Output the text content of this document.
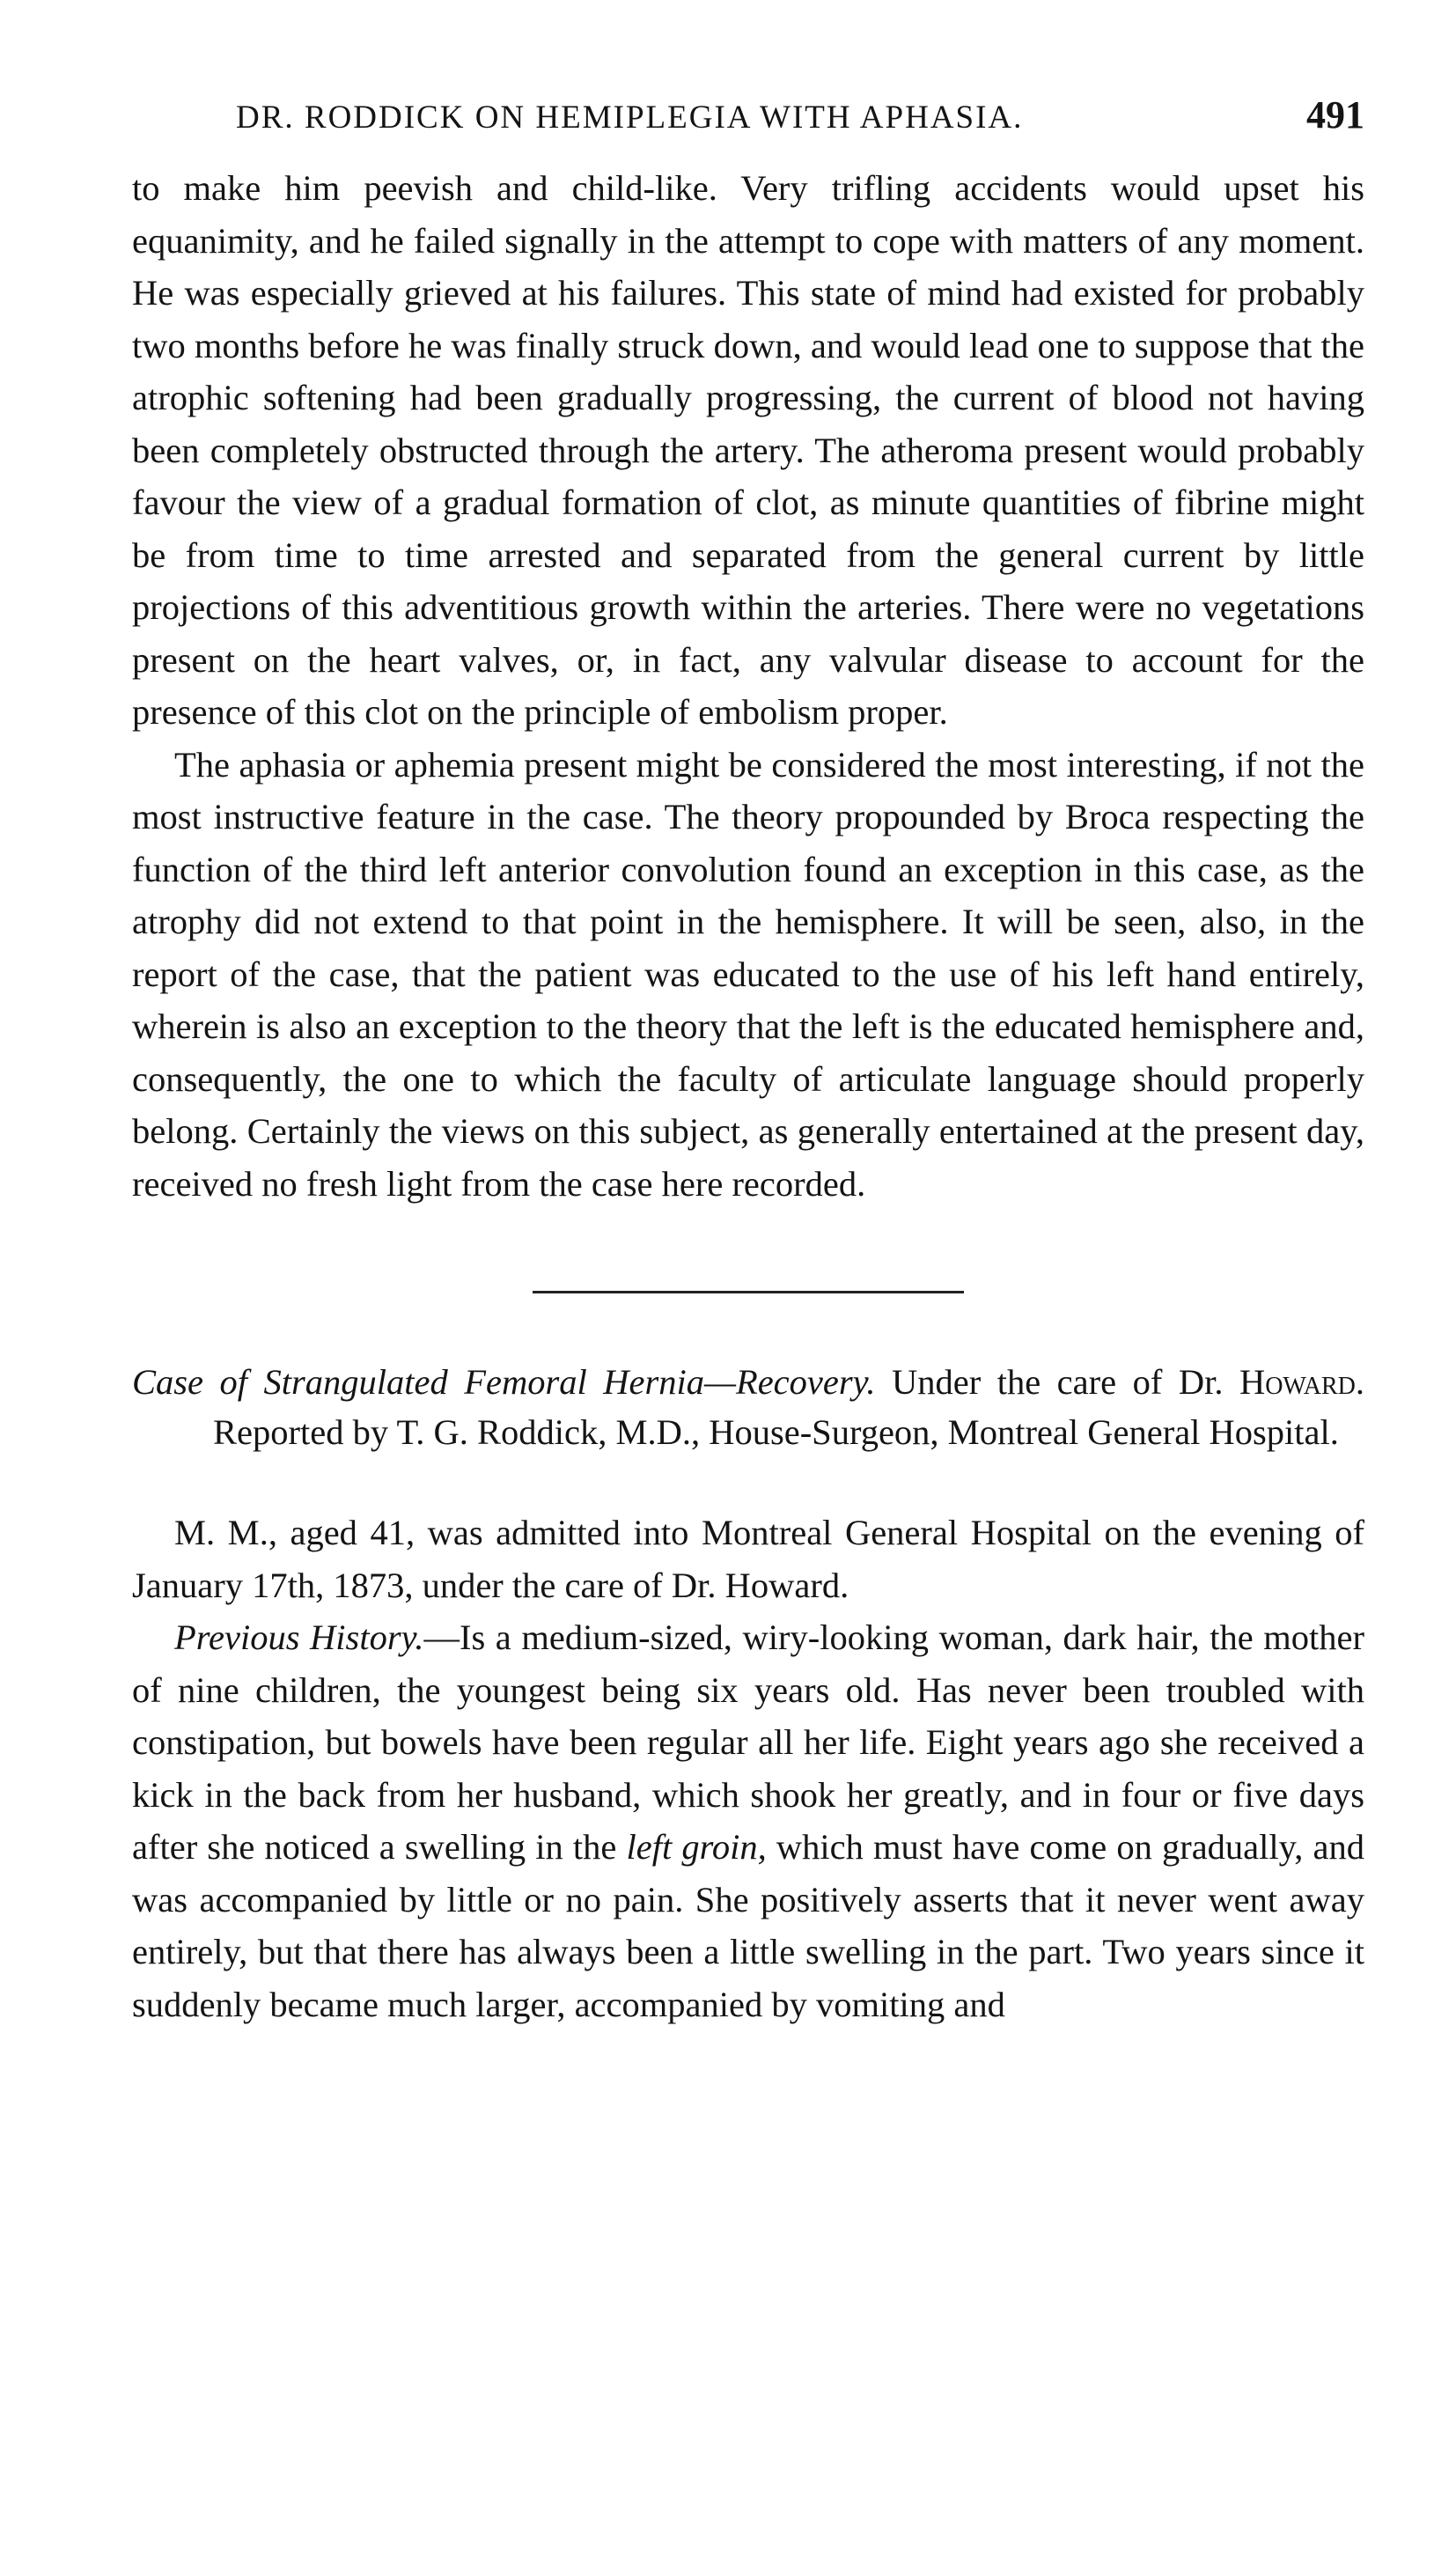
DR. RODDICK ON HEMIPLEGIA WITH APHASIA.	491

to make him peevish and child-like. Very trifling accidents would upset his equanimity, and he failed signally in the attempt to cope with matters of any moment. He was especially grieved at his failures. This state of mind had existed for probably two months before he was finally struck down, and would lead one to suppose that the atrophic softening had been gradually progressing, the current of blood not having been completely obstructed through the artery. The atheroma present would probably favour the view of a gradual formation of clot, as minute quantities of fibrine might be from time to time arrested and separated from the general current by little projections of this adventitious growth within the arteries. There were no vegetations present on the heart valves, or, in fact, any valvular disease to account for the presence of this clot on the principle of embolism proper.

The aphasia or aphemia present might be considered the most interesting, if not the most instructive feature in the case. The theory propounded by Broca respecting the function of the third left anterior convolution found an exception in this case, as the atrophy did not extend to that point in the hemisphere. It will be seen, also, in the report of the case, that the patient was educated to the use of his left hand entirely, wherein is also an exception to the theory that the left is the educated hemisphere and, consequently, the one to which the faculty of articulate language should properly belong. Certainly the views on this subject, as generally entertained at the present day, received no fresh light from the case here recorded.

Case of Strangulated Femoral Hernia—Recovery. Under the care of Dr. Howard. Reported by T. G. Roddick, M.D., House-Surgeon, Montreal General Hospital.

M. M., aged 41, was admitted into Montreal General Hospital on the evening of January 17th, 1873, under the care of Dr. Howard.

Previous History.—Is a medium-sized, wiry-looking woman, dark hair, the mother of nine children, the youngest being six years old. Has never been troubled with constipation, but bowels have been regular all her life. Eight years ago she received a kick in the back from her husband, which shook her greatly, and in four or five days after she noticed a swelling in the left groin, which must have come on gradually, and was accompanied by little or no pain. She positively asserts that it never went away entirely, but that there has always been a little swelling in the part. Two years since it suddenly became much larger, accompanied by vomiting and
